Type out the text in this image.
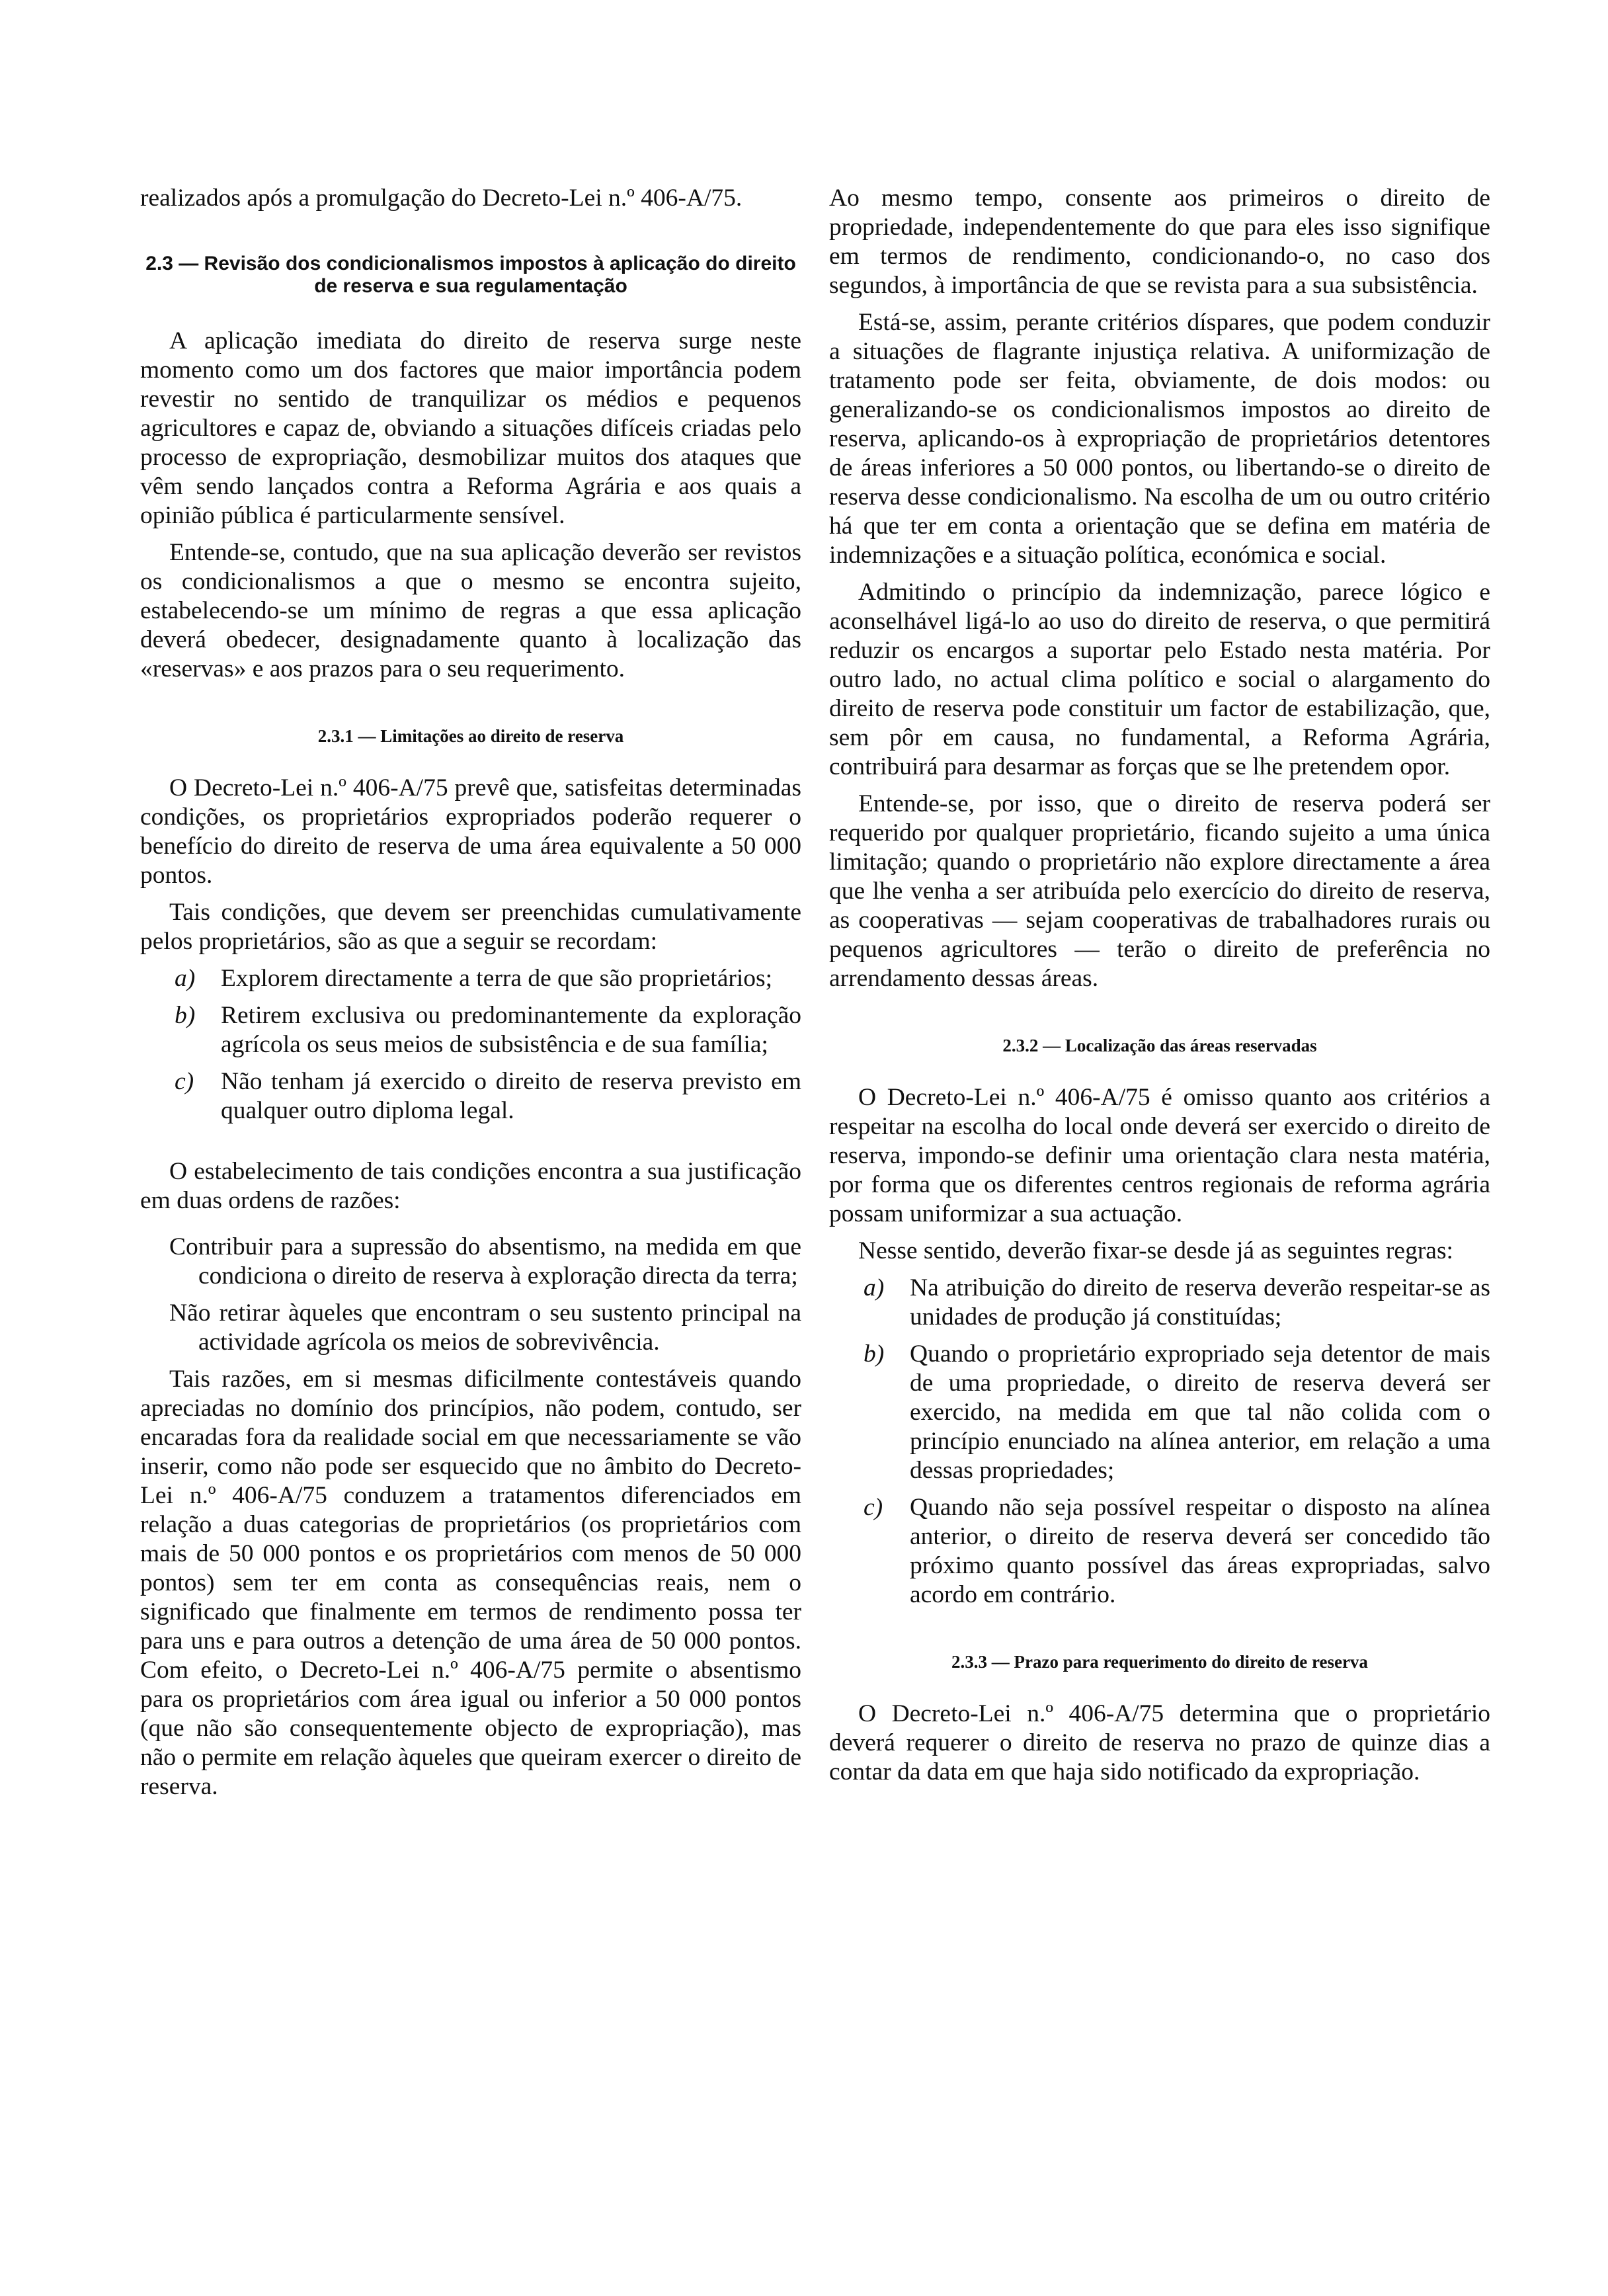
realizados após a promulgação do Decreto-Lei n.º 406-A/75.

2.3 — Revisão dos condicionalismos impostos à aplicação do direito de reserva e sua regulamentação

A aplicação imediata do direito de reserva surge neste momento como um dos factores que maior importância podem revestir no sentido de tranquilizar os médios e pequenos agricultores e capaz de, obviando a situações difíceis criadas pelo processo de expropriação, desmobilizar muitos dos ataques que vêm sendo lançados contra a Reforma Agrária e aos quais a opinião pública é particularmente sensível.

Entende-se, contudo, que na sua aplicação deverão ser revistos os condicionalismos a que o mesmo se encontra sujeito, estabelecendo-se um mínimo de regras a que essa aplicação deverá obedecer, designadamente quanto à localização das «reservas» e aos prazos para o seu requerimento.

2.3.1 — Limitações ao direito de reserva

O Decreto-Lei n.º 406-A/75 prevê que, satisfeitas determinadas condições, os proprietários expropriados poderão requerer o benefício do direito de reserva de uma área equivalente a 50 000 pontos.

Tais condições, que devem ser preenchidas cumulativamente pelos proprietários, são as que a seguir se recordam:

a) Explorem directamente a terra de que são proprietários;
b) Retirem exclusiva ou predominantemente da exploração agrícola os seus meios de subsistência e de sua família;
c) Não tenham já exercido o direito de reserva previsto em qualquer outro diploma legal.

O estabelecimento de tais condições encontra a sua justificação em duas ordens de razões:

Contribuir para a supressão do absentismo, na medida em que condiciona o direito de reserva à exploração directa da terra;

Não retirar àqueles que encontram o seu sustento principal na actividade agrícola os meios de sobrevivência.

Tais razões, em si mesmas dificilmente contestáveis quando apreciadas no domínio dos princípios, não podem, contudo, ser encaradas fora da realidade social em que necessariamente se vão inserir, como não pode ser esquecido que no âmbito do Decreto-Lei n.º 406-A/75 conduzem a tratamentos diferenciados em relação a duas categorias de proprietários (os proprietários com mais de 50 000 pontos e os proprietários com menos de 50 000 pontos) sem ter em conta as consequências reais, nem o significado que finalmente em termos de rendimento possa ter para uns e para outros a detenção de uma área de 50 000 pontos. Com efeito, o Decreto-Lei n.º 406-A/75 permite o absentismo para os proprietários com área igual ou inferior a 50 000 pontos (que não são consequentemente objecto de expropriação), mas não o permite em relação àqueles que queiram exercer o direito de reserva.

Ao mesmo tempo, consente aos primeiros o direito de propriedade, independentemente do que para eles isso signifique em termos de rendimento, condicionando-o, no caso dos segundos, à importância de que se revista para a sua subsistência.

Está-se, assim, perante critérios díspares, que podem conduzir a situações de flagrante injustiça relativa. A uniformização de tratamento pode ser feita, obviamente, de dois modos: ou generalizando-se os condicionalismos impostos ao direito de reserva, aplicando-os à expropriação de proprietários detentores de áreas inferiores a 50 000 pontos, ou libertando-se o direito de reserva desse condicionalismo. Na escolha de um ou outro critério há que ter em conta a orientação que se defina em matéria de indemnizações e a situação política, económica e social.

Admitindo o princípio da indemnização, parece lógico e aconselhável ligá-lo ao uso do direito de reserva, o que permitirá reduzir os encargos a suportar pelo Estado nesta matéria. Por outro lado, no actual clima político e social o alargamento do direito de reserva pode constituir um factor de estabilização, que, sem pôr em causa, no fundamental, a Reforma Agrária, contribuirá para desarmar as forças que se lhe pretendem opor.

Entende-se, por isso, que o direito de reserva poderá ser requerido por qualquer proprietário, ficando sujeito a uma única limitação; quando o proprietário não explore directamente a área que lhe venha a ser atribuída pelo exercício do direito de reserva, as cooperativas — sejam cooperativas de trabalhadores rurais ou pequenos agricultores — terão o direito de preferência no arrendamento dessas áreas.

2.3.2 — Localização das áreas reservadas

O Decreto-Lei n.º 406-A/75 é omisso quanto aos critérios a respeitar na escolha do local onde deverá ser exercido o direito de reserva, impondo-se definir uma orientação clara nesta matéria, por forma que os diferentes centros regionais de reforma agrária possam uniformizar a sua actuação.

Nesse sentido, deverão fixar-se desde já as seguintes regras:

a) Na atribuição do direito de reserva deverão respeitar-se as unidades de produção já constituídas;
b) Quando o proprietário expropriado seja detentor de mais de uma propriedade, o direito de reserva deverá ser exercido, na medida em que tal não colida com o princípio enunciado na alínea anterior, em relação a uma dessas propriedades;
c) Quando não seja possível respeitar o disposto na alínea anterior, o direito de reserva deverá ser concedido tão próximo quanto possível das áreas expropriadas, salvo acordo em contrário.
2.3.3 — Prazo para requerimento do direito de reserva

O Decreto-Lei n.º 406-A/75 determina que o proprietário deverá requerer o direito de reserva no prazo de quinze dias a contar da data em que haja sido notificado da expropriação.
